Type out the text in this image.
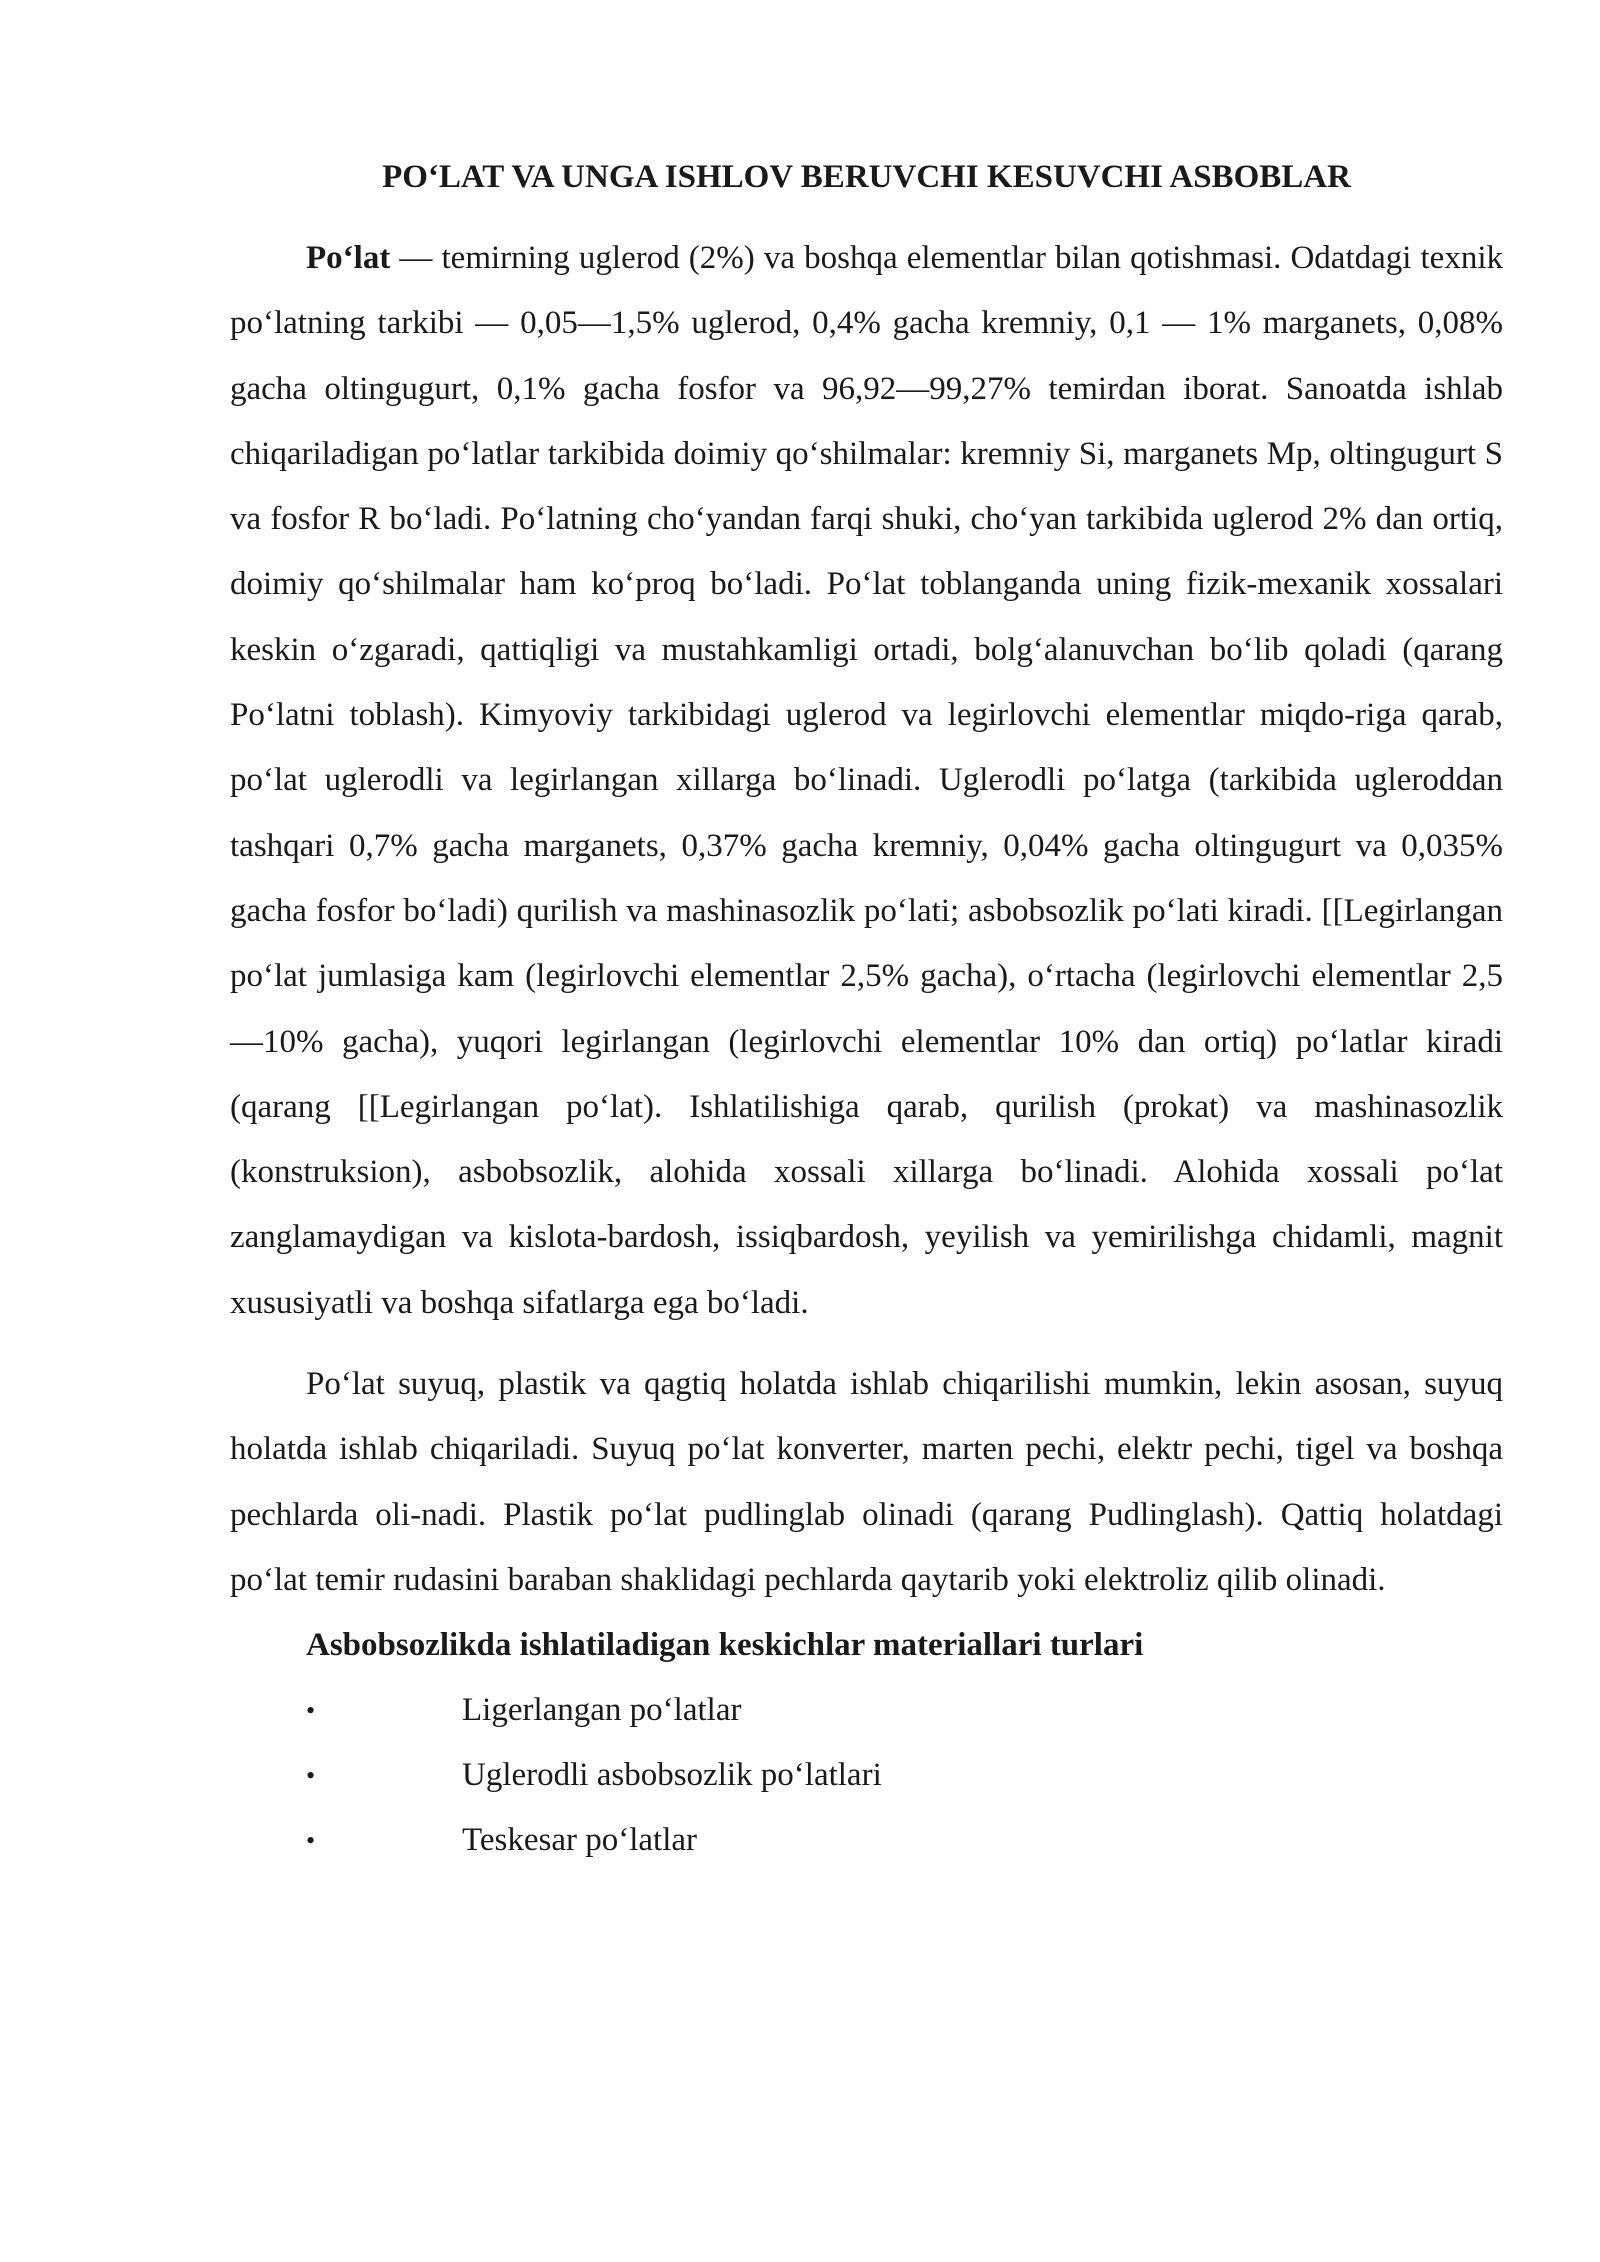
PO‘LAT VA UNGA ISHLOV BERUVCHI KESUVCHI ASBOBLAR

Po‘lat — temirning uglerod (2%) va boshqa elementlar bilan qotishmasi. Odatdagi texnik po‘latning tarkibi — 0,05—1,5% uglerod, 0,4% gacha kremniy, 0,1 — 1% marganets, 0,08% gacha oltingugurt, 0,1% gacha fosfor va 96,92—99,27% temirdan iborat. Sanoatda ishlab chiqariladigan po‘latlar tarkibida doimiy qo‘shilmalar: kremniy Si, marganets Mp, oltingugurt S va fosfor R bo‘ladi. Po‘latning cho‘yandan farqi shuki, cho‘yan tarkibida uglerod 2% dan ortiq, doimiy qo‘shilmalar ham ko‘proq bo‘ladi. Po‘lat toblanganda uning fizik-mexanik xossalari keskin o‘zgaradi, qattiqligi va mustahkamligi ortadi, bolg‘alanuvchan bo‘lib qoladi (qarang Po‘latni toblash). Kimyoviy tarkibidagi uglerod va legirlovchi elementlar miqdo-riga qarab, po‘lat uglerodli va legirlangan xillarga bo‘linadi. Uglerodli po‘latga (tarkibida ugleroddan tashqari 0,7% gacha marganets, 0,37% gacha kremniy, 0,04% gacha oltingugurt va 0,035% gacha fosfor bo‘ladi) qurilish va mashinasozlik po‘lati; asbobsozlik po‘lati kiradi. [[Legirlangan po‘lat jumlasiga kam (legirlovchi elementlar 2,5% gacha), o‘rtacha (legirlovchi elementlar 2,5—10% gacha), yuqori legirlangan (legirlovchi elementlar 10% dan ortiq) po‘latlar kiradi (qarang [[Legirlangan po‘lat). Ishlatilishiga qarab, qurilish (prokat) va mashinasozlik (konstruksion), asbobsozlik, alohida xossali xillarga bo‘linadi. Alohida xossali po‘lat zanglamaydigan va kislota-bardosh, issiqbardosh, yeyilish va yemirilishga chidamli, magnit xususiyatli va boshqa sifatlarga ega bo‘ladi.

Po‘lat suyuq, plastik va qagtiq holatda ishlab chiqarilishi mumkin, lekin asosan, suyuq holatda ishlab chiqariladi. Suyuq po‘lat konverter, marten pechi, elektr pechi, tigel va boshqa pechlarda oli-nadi. Plastik po‘lat pudlinglab olinadi (qarang Pudlinglash). Qattiq holatdagi po‘lat temir rudasini baraban shaklidagi pechlarda qaytarib yoki elektroliz qilib olinadi.

Asbobsozlikda ishlatiladigan keskichlar materiallari turlari

•	Ligerlangan po‘latlar
•	Uglerodli asbobsozlik po‘latlari
•	Teskesar po‘latlar
